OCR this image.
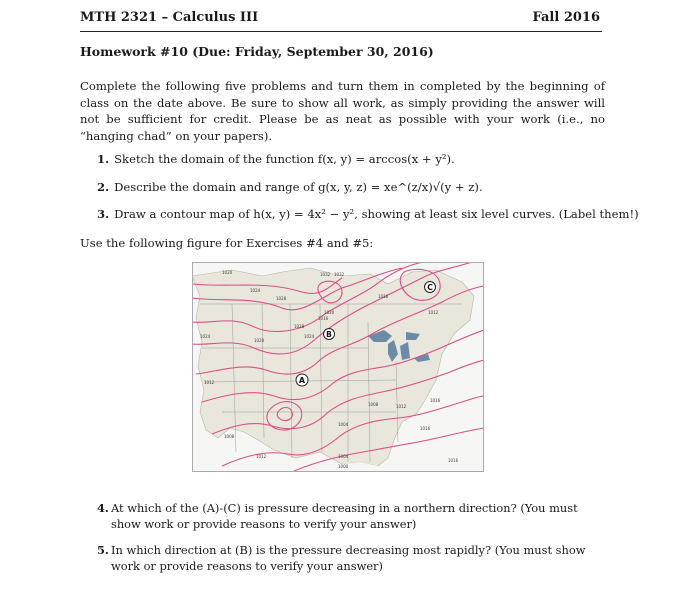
MTH 2321 – Calculus III	Fall 2016
Homework #10 (Due: Friday, September 30, 2016)
Complete the following five problems and turn them in completed by the beginning of class on the date above. Be sure to show all work, as simply providing the answer will not be sufficient for credit. Please be as neat as possible with your work (i.e., no “hanging chad” on your papers).
1. Sketch the domain of the function f(x, y) = arccos(x + y²).
2. Describe the domain and range of g(x, y, z) = xe^(z/x)√(y + z).
3. Draw a contour map of h(x, y) = 4x² − y², showing at least six level curves. (Label them!)
Use the following figure for Exercises #4 and #5:
1020
1024
1028
1024
1020
1032 1032
1028
1016
1012
1012
1016
1020
1024
1012
1008
1008
1004
1012
1016
1016
1004
1000
1016
A
B
C
4. At which of the (A)-(C) is pressure decreasing in a northern direction? (You must show work or provide reasons to verify your answer)
5. In which direction at (B) is the pressure decreasing most rapidly? (You must show work or provide reasons to verify your answer)
